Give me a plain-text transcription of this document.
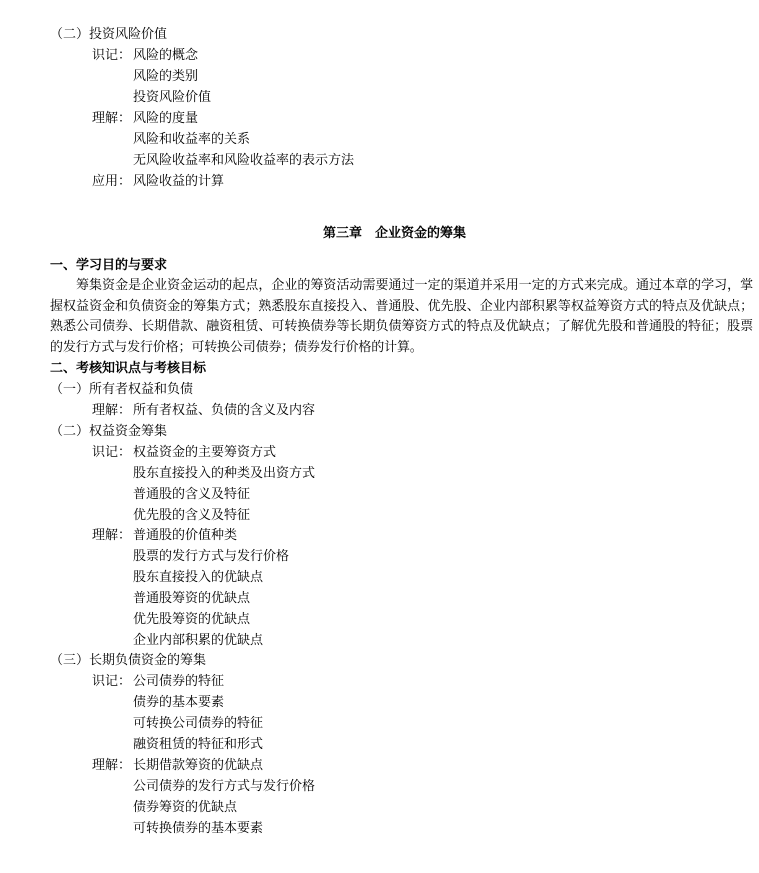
（二）投资风险价值
识记： 风险的概念
风险的类别
投资风险价值
理解： 风险的度量
风险和收益率的关系
无风险收益率和风险收益率的表示方法
应用： 风险收益的计算
第三章　企业资金的筹集
一、学习目的与要求
筹集资金是企业资金运动的起点，企业的筹资活动需要通过一定的渠道并采用一定的方式来完成。通过本章的学习，掌握权益资金和负债资金的筹集方式；熟悉股东直接投入、普通股、优先股、企业内部积累等权益筹资方式的特点及优缺点；熟悉公司债券、长期借款、融资租赁、可转换债券等长期负债筹资方式的特点及优缺点；了解优先股和普通股的特征；股票的发行方式与发行价格；可转换公司债券；债券发行价格的计算。
二、考核知识点与考核目标
（一）所有者权益和负债
理解： 所有者权益、负债的含义及内容
（二）权益资金筹集
识记： 权益资金的主要筹资方式
股东直接投入的种类及出资方式
普通股的含义及特征
优先股的含义及特征
理解： 普通股的价值种类
股票的发行方式与发行价格
股东直接投入的优缺点
普通股筹资的优缺点
优先股筹资的优缺点
企业内部积累的优缺点
（三）长期负债资金的筹集
识记： 公司债券的特征
债券的基本要素
可转换公司债券的特征
融资租赁的特征和形式
理解： 长期借款筹资的优缺点
公司债券的发行方式与发行价格
债券筹资的优缺点
可转换债券的基本要素
